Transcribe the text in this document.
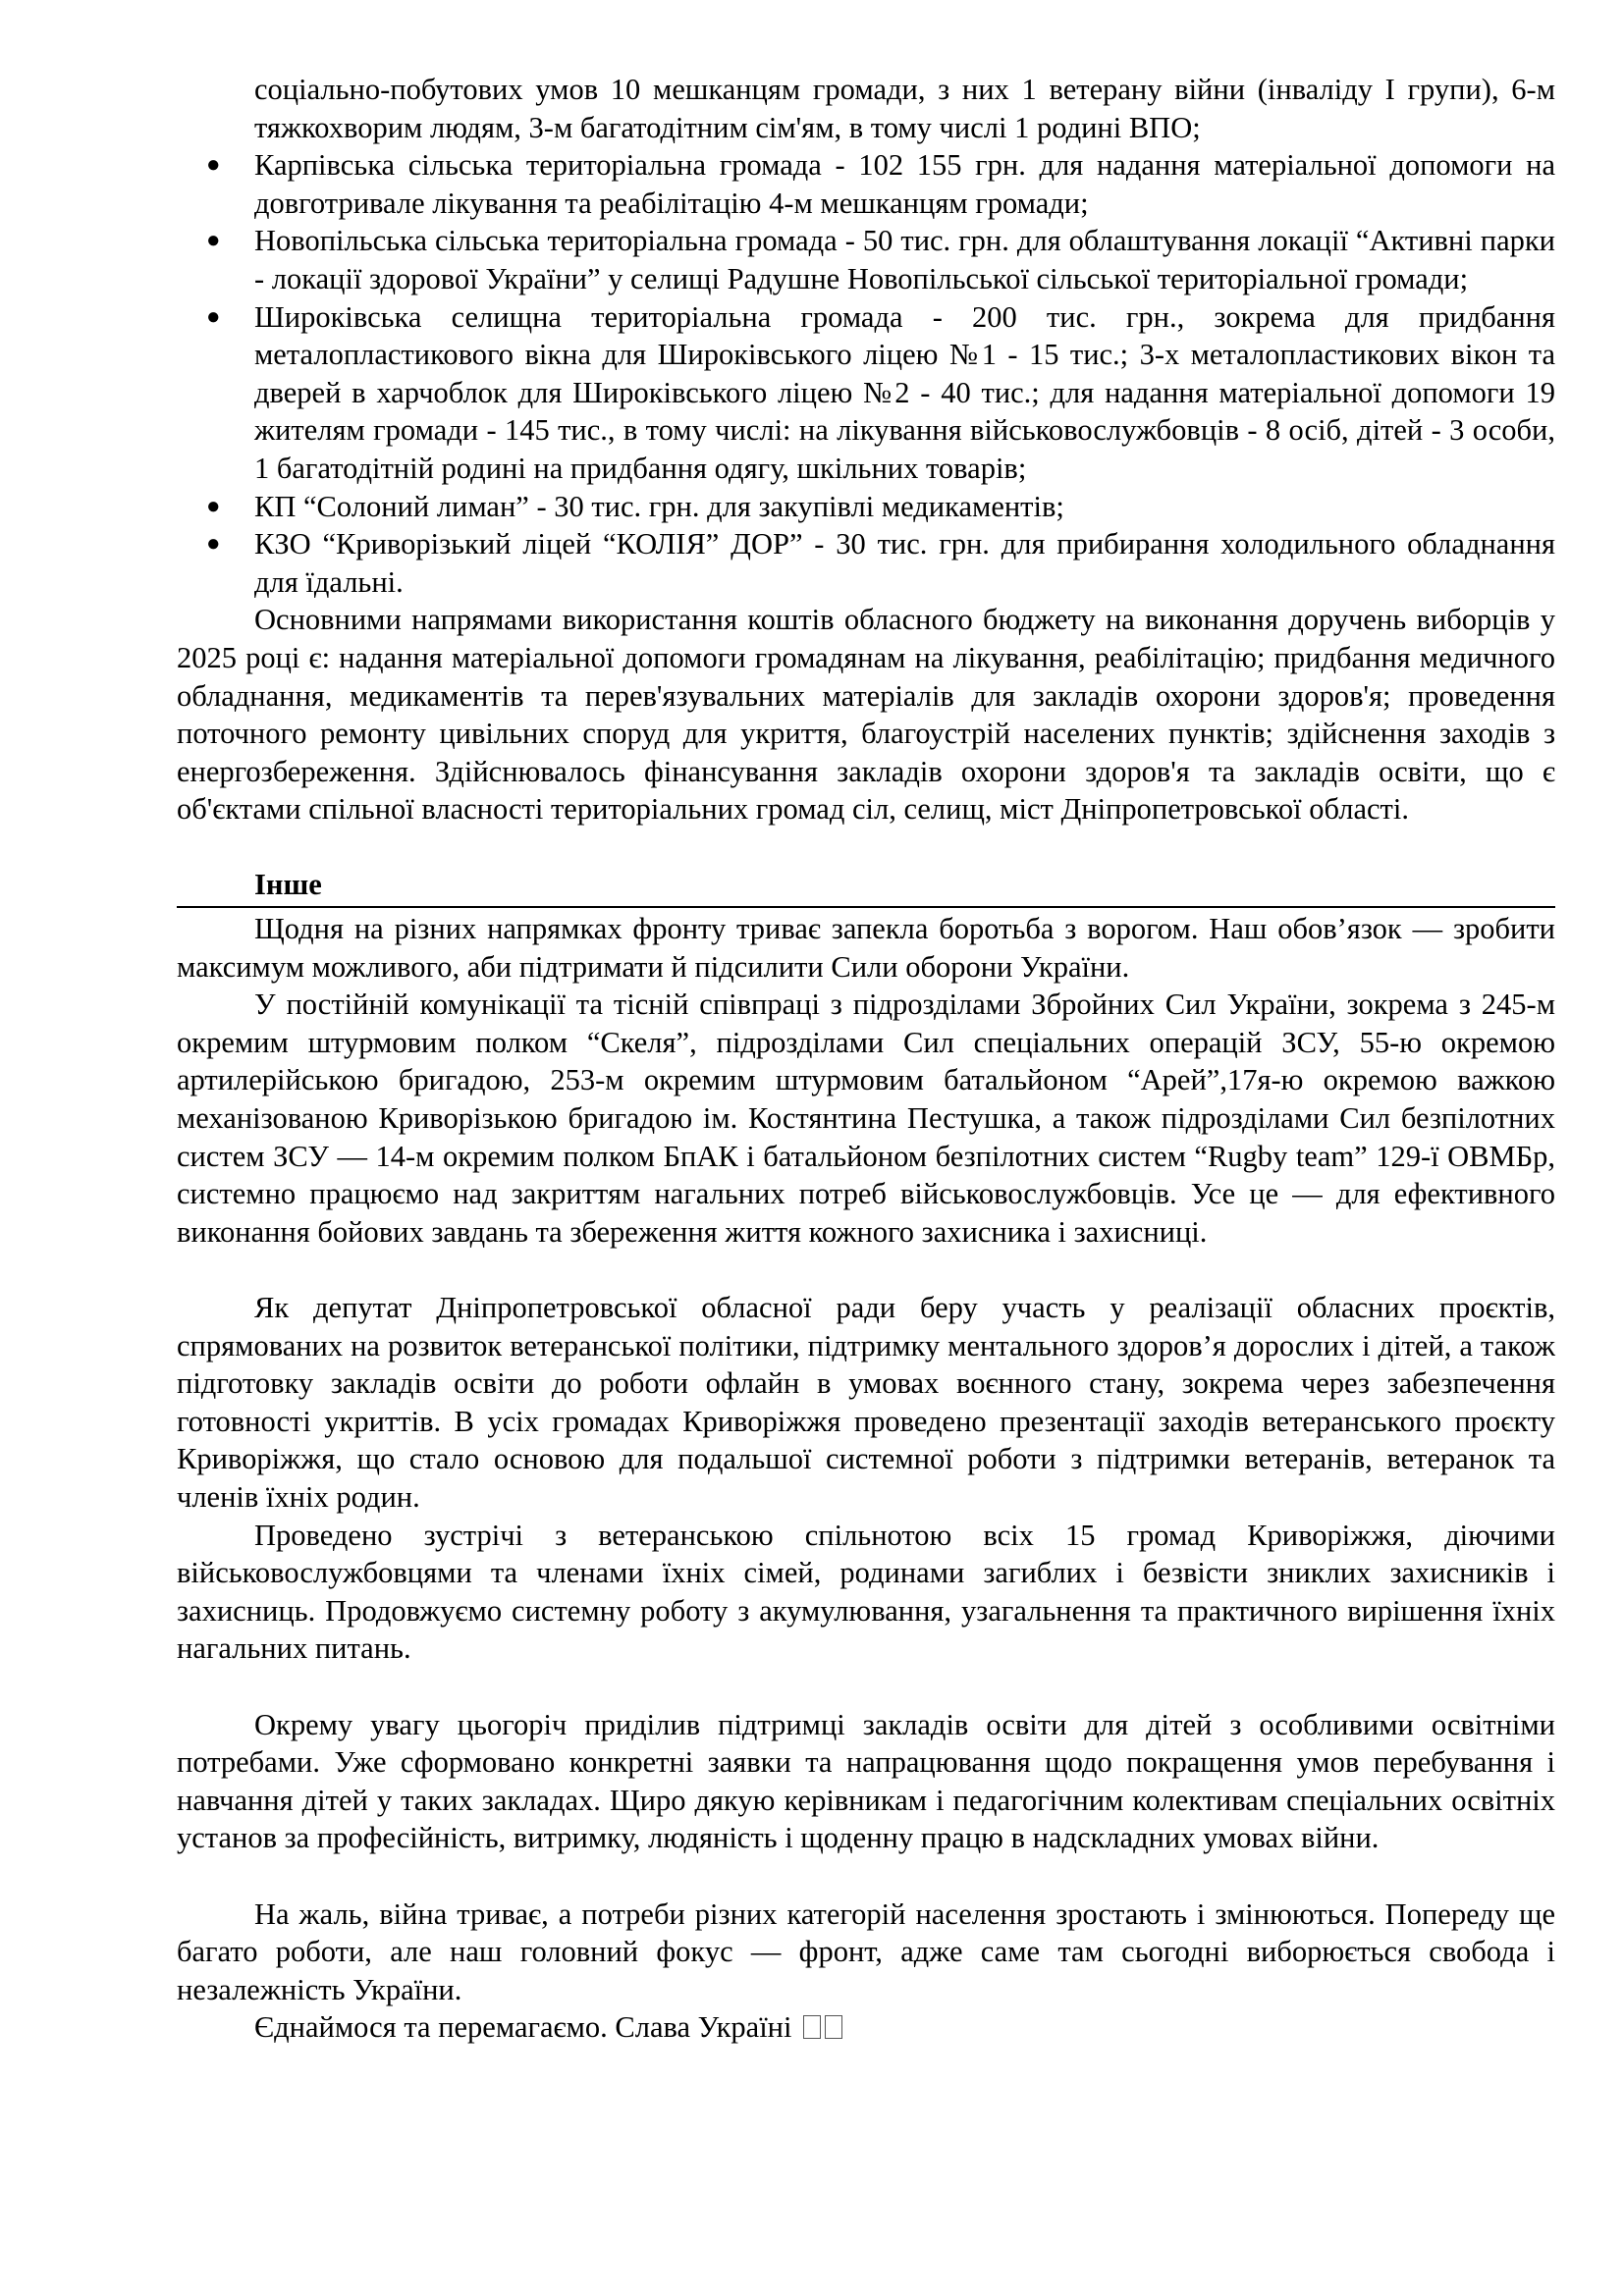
соціально-побутових умов 10 мешканцям громади, з них 1 ветерану війни (інваліду І групи), 6-м тяжкохворим людям, 3-м багатодітним сім'ям, в тому числі 1 родині ВПО;

● Карпівська сільська територіальна громада - 102 155 грн. для надання матеріальної допомоги на довготривале лікування та реабілітацію 4-м мешканцям громади;
● Новопільська сільська територіальна громада - 50 тис. грн. для облаштування локації “Активні парки - локації здорової України” у селищі Радушне Новопільської сільської територіальної громади;
● Широківська селищна територіальна громада - 200 тис. грн., зокрема для придбання металопластикового вікна для Широківського ліцею №1 - 15 тис.; 3-х металопластикових вікон та дверей в харчоблок для Широківського ліцею №2 - 40 тис.; для надання матеріальної допомоги 19 жителям громади - 145 тис., в тому числі: на лікування військовослужбовців - 8 осіб, дітей - 3 особи, 1 багатодітній родині на придбання одягу, шкільних товарів;
● КП “Солоний лиман” - 30 тис. грн. для закупівлі медикаментів;
● КЗО “Криворізький ліцей “КОЛІЯ” ДОР” - 30 тис. грн. для прибирання холодильного обладнання для їдальні.

Основними напрямами використання коштів обласного бюджету на виконання доручень виборців у 2025 році є: надання матеріальної допомоги громадянам на лікування, реабілітацію; придбання медичного обладнання, медикаментів та перев'язувальних матеріалів для закладів охорони здоров'я; проведення поточного ремонту цивільних споруд для укриття, благоустрій населених пунктів; здійснення заходів з енергозбереження. Здійснювалось фінансування закладів охорони здоров'я та закладів освіти, що є об'єктами спільної власності територіальних громад сіл, селищ, міст Дніпропетровської області.

Інше

Щодня на різних напрямках фронту триває запекла боротьба з ворогом. Наш обов’язок — зробити максимум можливого, аби підтримати й підсилити Сили оборони України.

У постійній комунікації та тісній співпраці з підрозділами Збройних Сил України, зокрема з 245-м окремим штурмовим полком “Скеля”, підрозділами Сил спеціальних операцій ЗСУ, 55-ю окремою артилерійською бригадою, 253-м окремим штурмовим батальйоном “Арей”,17я-ю окремою важкою механізованою Криворізькою бригадою ім. Костянтина Пестушка, а також підрозділами Сил безпілотних систем ЗСУ — 14-м окремим полком БпАК і батальйоном безпілотних систем “Rugby team” 129-ї ОВМБр, системно працюємо над закриттям нагальних потреб військовослужбовців. Усе це — для ефективного виконання бойових завдань та збереження життя кожного захисника і захисниці.

Як депутат Дніпропетровської обласної ради беру участь у реалізації обласних проєктів, спрямованих на розвиток ветеранської політики, підтримку ментального здоров’я дорослих і дітей, а також підготовку закладів освіти до роботи офлайн в умовах воєнного стану, зокрема через забезпечення готовності укриттів. В усіх громадах Криворіжжя проведено презентації заходів ветеранського проєкту Криворіжжя, що стало основою для подальшої системної роботи з підтримки ветеранів, ветеранок та членів їхніх родин.

Проведено зустрічі з ветеранською спільнотою всіх 15 громад Криворіжжя, діючими військовослужбовцями та членами їхніх сімей, родинами загиблих і безвісти зниклих захисників і захисниць. Продовжуємо системну роботу з акумулювання, узагальнення та практичного вирішення їхніх нагальних питань.

Окрему увагу цьогоріч приділив підтримці закладів освіти для дітей з особливими освітніми потребами. Уже сформовано конкретні заявки та напрацювання щодо покращення умов перебування і навчання дітей у таких закладах. Щиро дякую керівникам і педагогічним колективам спеціальних освітніх установ за професійність, витримку, людяність і щоденну працю в надскладних умовах війни.

На жаль, війна триває, а потреби різних категорій населення зростають і змінюються. Попереду ще багато роботи, але наш головний фокус — фронт, адже саме там сьогодні виборюється свобода і незалежність України.

Єднаймося та перемагаємо. Слава Україні
